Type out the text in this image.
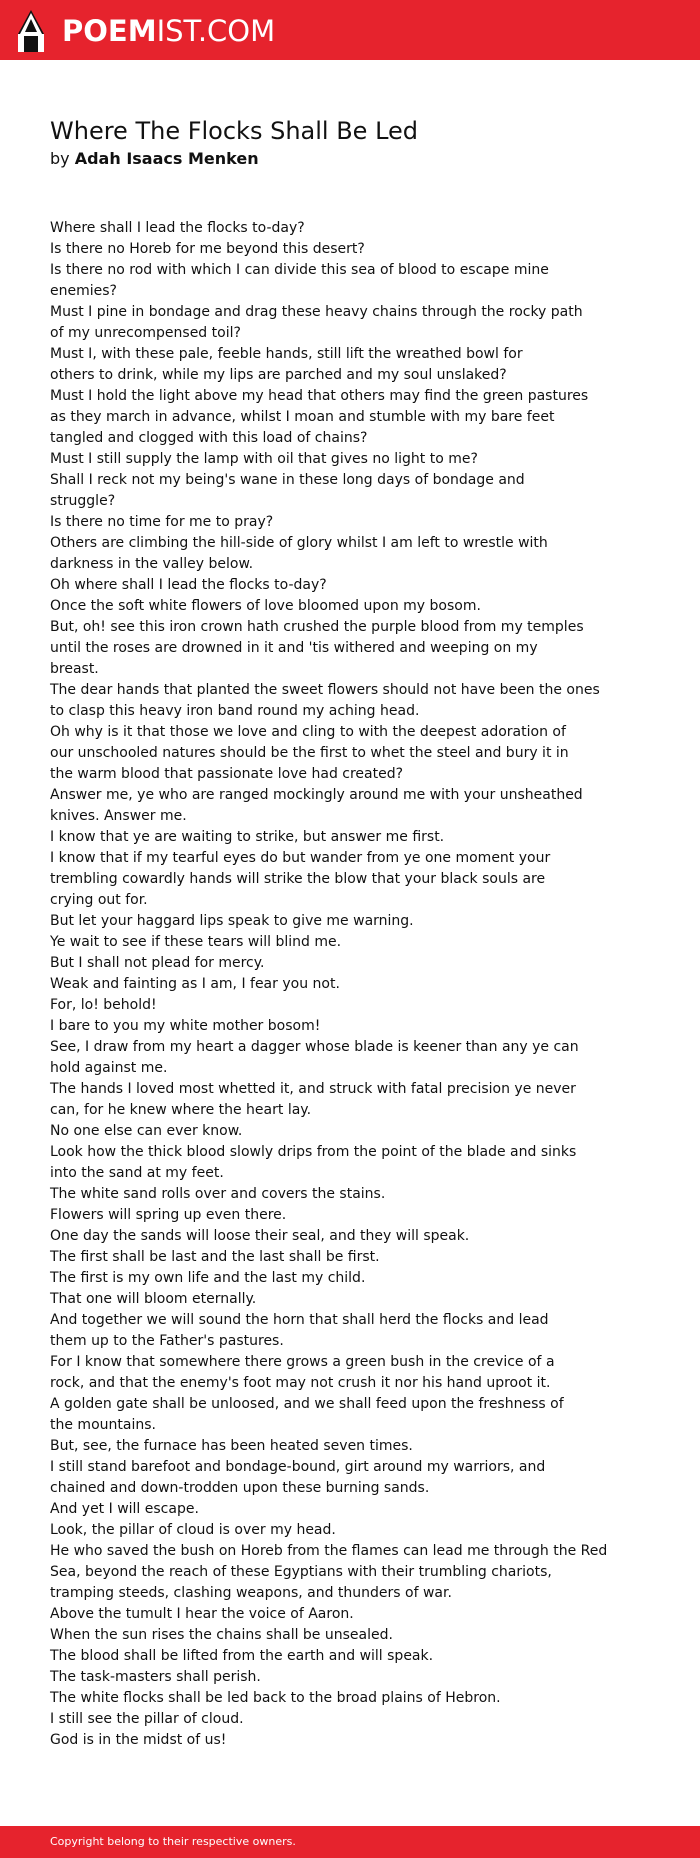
POEMIST.COM
Where The Flocks Shall Be Led
by Adah Isaacs Menken
Where shall I lead the flocks to-day?
Is there no Horeb for me beyond this desert?
Is there no rod with which I can divide this sea of blood to escape mine
enemies?
Must I pine in bondage and drag these heavy chains through the rocky path
of my unrecompensed toil?
Must I, with these pale, feeble hands, still lift the wreathed bowl for
others to drink, while my lips are parched and my soul unslaked?
Must I hold the light above my head that others may find the green pastures
as they march in advance, whilst I moan and stumble with my bare feet
tangled and clogged with this load of chains?
Must I still supply the lamp with oil that gives no light to me?
Shall I reck not my being's wane in these long days of bondage and
struggle?
Is there no time for me to pray?
Others are climbing the hill-side of glory whilst I am left to wrestle with
darkness in the valley below.
Oh where shall I lead the flocks to-day?
Once the soft white flowers of love bloomed upon my bosom.
But, oh! see this iron crown hath crushed the purple blood from my temples
until the roses are drowned in it and 'tis withered and weeping on my
breast.
The dear hands that planted the sweet flowers should not have been the ones
to clasp this heavy iron band round my aching head.
Oh why is it that those we love and cling to with the deepest adoration of
our unschooled natures should be the first to whet the steel and bury it in
the warm blood that passionate love had created?
Answer me, ye who are ranged mockingly around me with your unsheathed
knives. Answer me.
I know that ye are waiting to strike, but answer me first.
I know that if my tearful eyes do but wander from ye one moment your
trembling cowardly hands will strike the blow that your black souls are
crying out for.
But let your haggard lips speak to give me warning.
Ye wait to see if these tears will blind me.
But I shall not plead for mercy.
Weak and fainting as I am, I fear you not.
For, lo! behold!
I bare to you my white mother bosom!
See, I draw from my heart a dagger whose blade is keener than any ye can
hold against me.
The hands I loved most whetted it, and struck with fatal precision ye never
can, for he knew where the heart lay.
No one else can ever know.
Look how the thick blood slowly drips from the point of the blade and sinks
into the sand at my feet.
The white sand rolls over and covers the stains.
Flowers will spring up even there.
One day the sands will loose their seal, and they will speak.
The first shall be last and the last shall be first.
The first is my own life and the last my child.
That one will bloom eternally.
And together we will sound the horn that shall herd the flocks and lead
them up to the Father's pastures.
For I know that somewhere there grows a green bush in the crevice of a
rock, and that the enemy's foot may not crush it nor his hand uproot it.
A golden gate shall be unloosed, and we shall feed upon the freshness of
the mountains.
But, see, the furnace has been heated seven times.
I still stand barefoot and bondage-bound, girt around my warriors, and
chained and down-trodden upon these burning sands.
And yet I will escape.
Look, the pillar of cloud is over my head.
He who saved the bush on Horeb from the flames can lead me through the Red
Sea, beyond the reach of these Egyptians with their trumbling chariots,
tramping steeds, clashing weapons, and thunders of war.
Above the tumult I hear the voice of Aaron.
When the sun rises the chains shall be unsealed.
The blood shall be lifted from the earth and will speak.
The task-masters shall perish.
The white flocks shall be led back to the broad plains of Hebron.
I still see the pillar of cloud.
God is in the midst of us!
Copyright belong to their respective owners.
